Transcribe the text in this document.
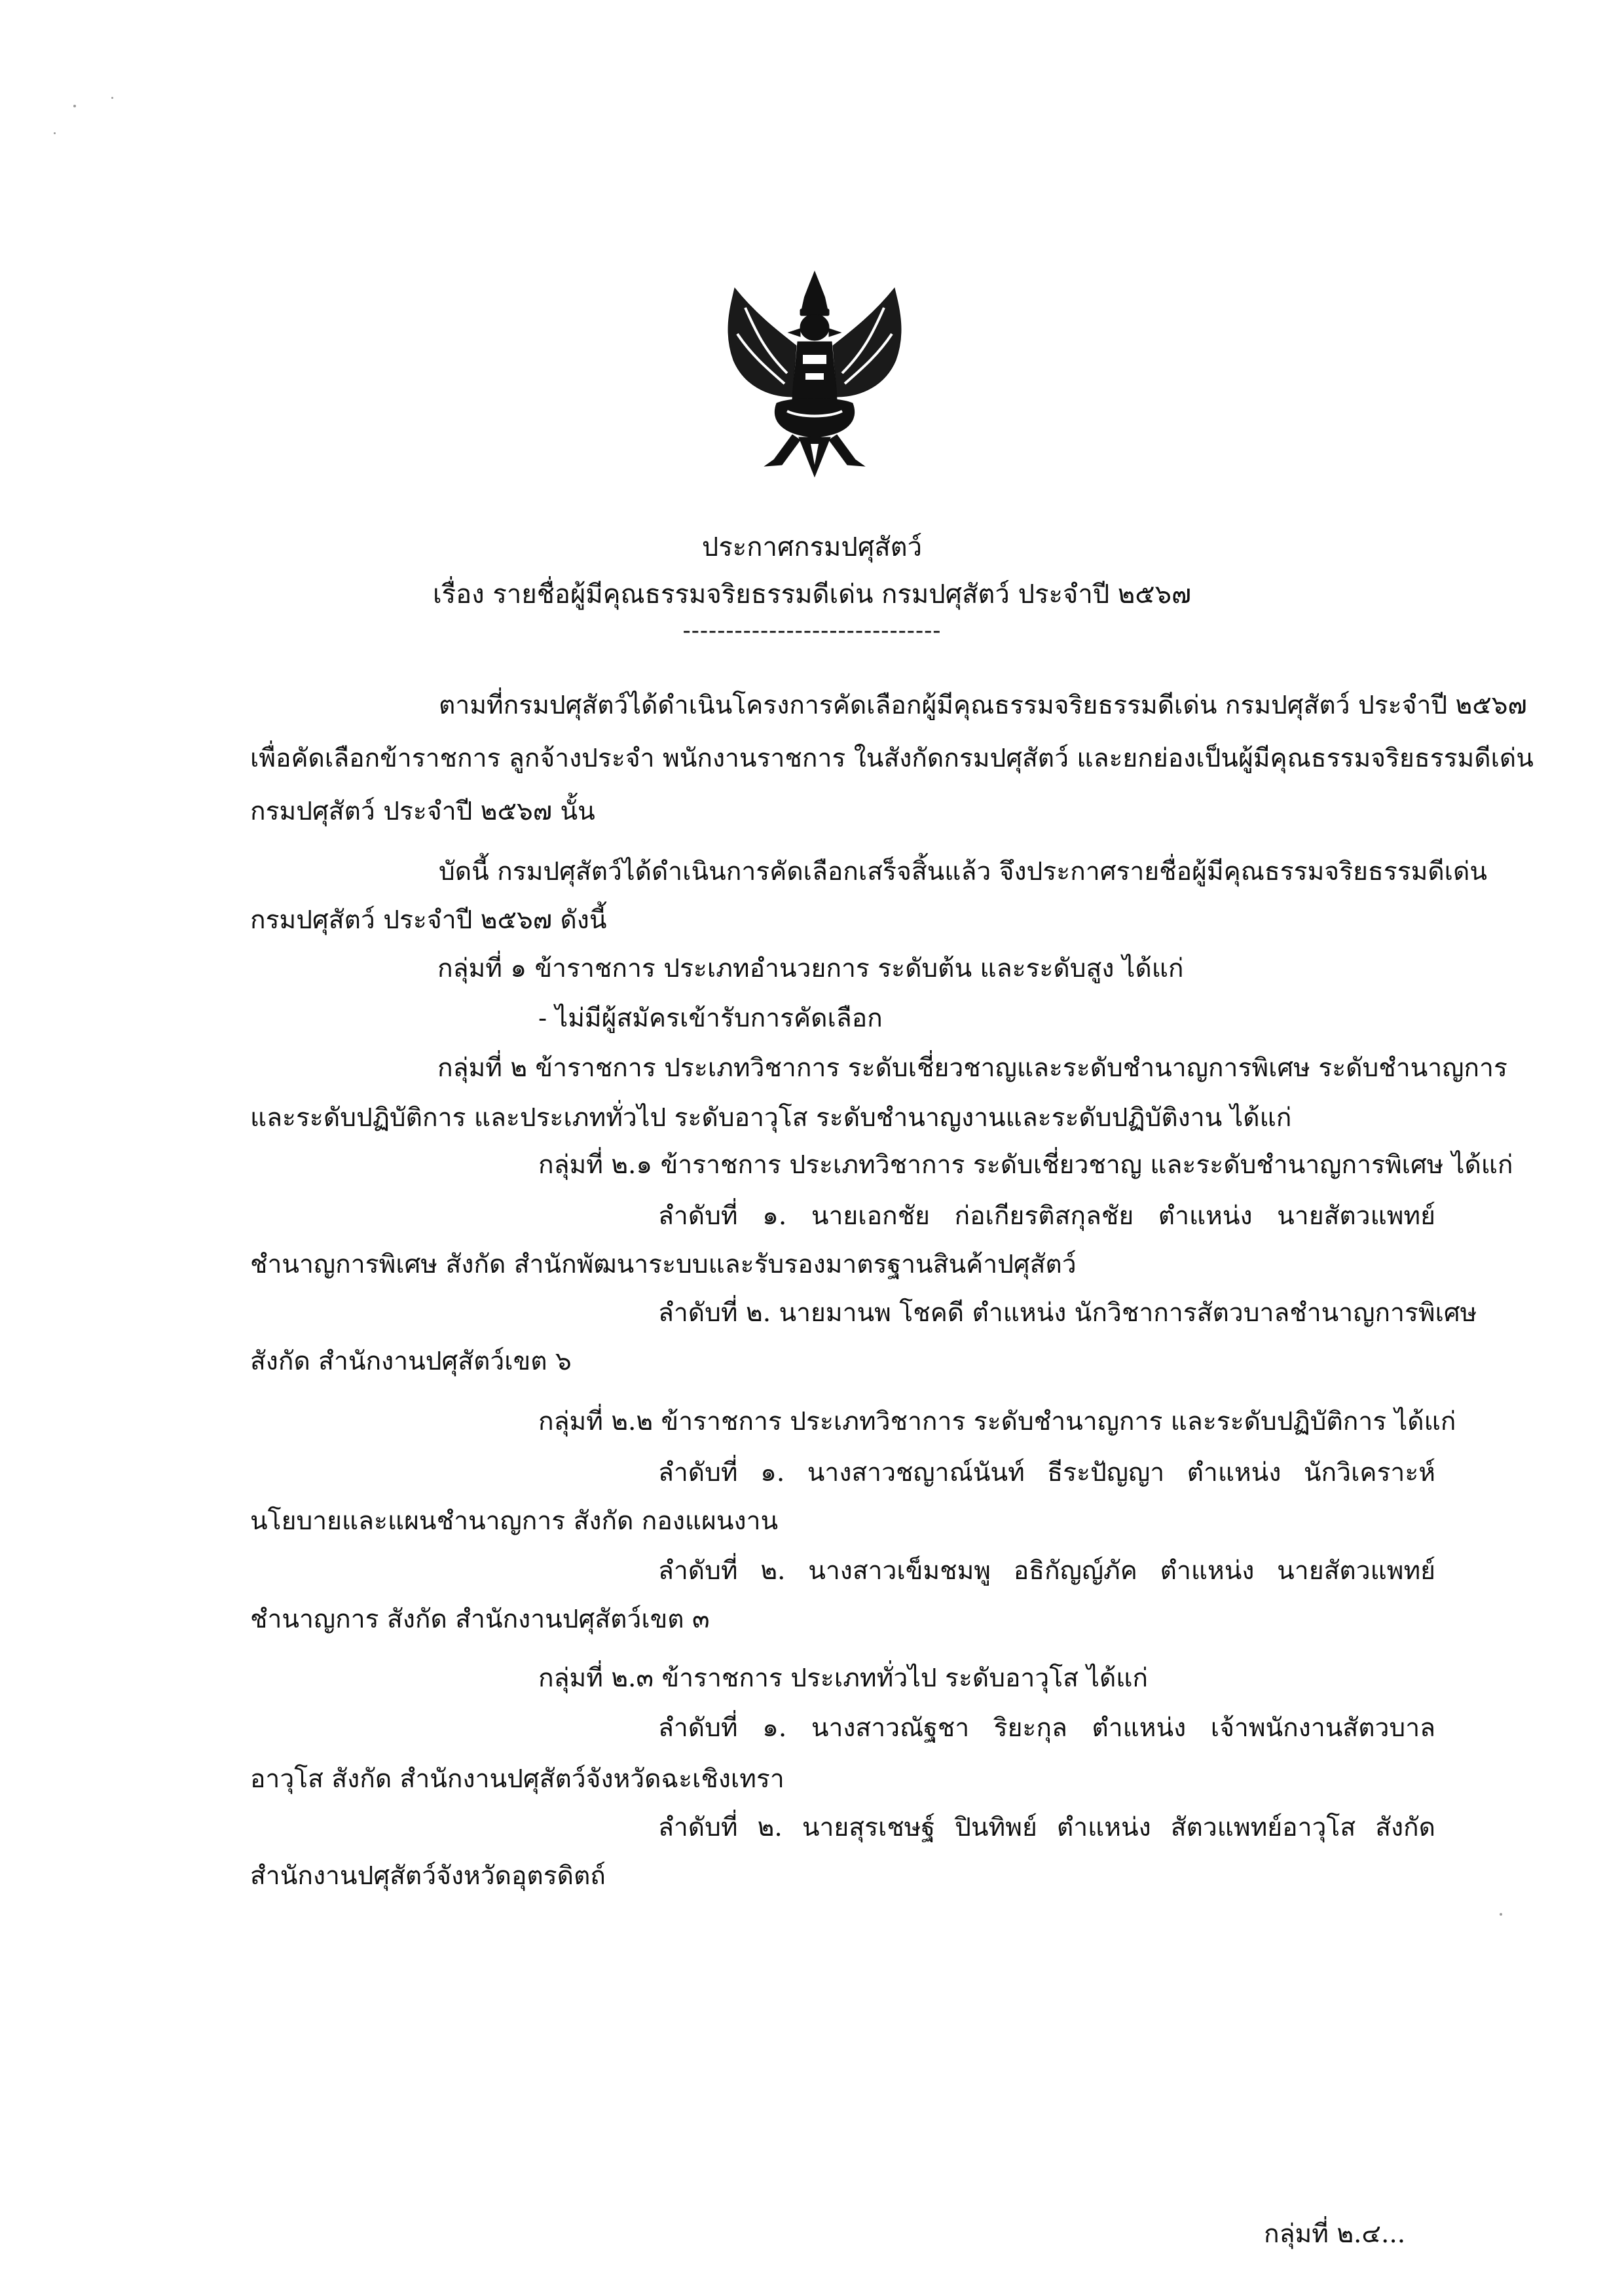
ประกาศกรมปศุสัตว์
เรื่อง รายชื่อผู้มีคุณธรรมจริยธรรมดีเด่น กรมปศุสัตว์ ประจำปี ๒๕๖๗
------------------------------
ตามที่กรมปศุสัตว์ได้ดำเนินโครงการคัดเลือกผู้มีคุณธรรมจริยธรรมดีเด่น กรมปศุสัตว์ ประจำปี ๒๕๖๗
เพื่อคัดเลือกข้าราชการ ลูกจ้างประจำ พนักงานราชการ ในสังกัดกรมปศุสัตว์ และยกย่องเป็นผู้มีคุณธรรมจริยธรรมดีเด่น
กรมปศุสัตว์ ประจำปี ๒๕๖๗ นั้น
บัดนี้ กรมปศุสัตว์ได้ดำเนินการคัดเลือกเสร็จสิ้นแล้ว จึงประกาศรายชื่อผู้มีคุณธรรมจริยธรรมดีเด่น
กรมปศุสัตว์ ประจำปี ๒๕๖๗ ดังนี้
กลุ่มที่ ๑ ข้าราชการ ประเภทอำนวยการ ระดับต้น และระดับสูง ได้แก่
- ไม่มีผู้สมัครเข้ารับการคัดเลือก
กลุ่มที่ ๒ ข้าราชการ ประเภทวิชาการ ระดับเชี่ยวชาญและระดับชำนาญการพิเศษ ระดับชำนาญการ
และระดับปฏิบัติการ และประเภททั่วไป ระดับอาวุโส ระดับชำนาญงานและระดับปฏิบัติงาน ได้แก่
กลุ่มที่ ๒.๑ ข้าราชการ ประเภทวิชาการ ระดับเชี่ยวชาญ และระดับชำนาญการพิเศษ ได้แก่
ลำดับที่ ๑. นายเอกชัย ก่อเกียรติสกุลชัย ตำแหน่ง นายสัตวแพทย์
ชำนาญการพิเศษ สังกัด สำนักพัฒนาระบบและรับรองมาตรฐานสินค้าปศุสัตว์
ลำดับที่ ๒. นายมานพ โชคดี ตำแหน่ง นักวิชาการสัตวบาลชำนาญการพิเศษ
สังกัด สำนักงานปศุสัตว์เขต ๖
กลุ่มที่ ๒.๒ ข้าราชการ ประเภทวิชาการ ระดับชำนาญการ และระดับปฏิบัติการ ได้แก่
ลำดับที่ ๑. นางสาวชญาณ์นันท์ ธีระปัญญา ตำแหน่ง นักวิเคราะห์
นโยบายและแผนชำนาญการ สังกัด กองแผนงาน
ลำดับที่ ๒. นางสาวเข็มชมพู อธิกัญญ์ภัค ตำแหน่ง นายสัตวแพทย์
ชำนาญการ สังกัด สำนักงานปศุสัตว์เขต ๓
กลุ่มที่ ๒.๓ ข้าราชการ ประเภททั่วไป ระดับอาวุโส ได้แก่
ลำดับที่ ๑. นางสาวณัฐชา ริยะกุล ตำแหน่ง เจ้าพนักงานสัตวบาล
อาวุโส สังกัด สำนักงานปศุสัตว์จังหวัดฉะเชิงเทรา
ลำดับที่ ๒. นายสุรเชษฐ์ ปินทิพย์ ตำแหน่ง สัตวแพทย์อาวุโส สังกัด
สำนักงานปศุสัตว์จังหวัดอุตรดิตถ์
กลุ่มที่ ๒.๔...
